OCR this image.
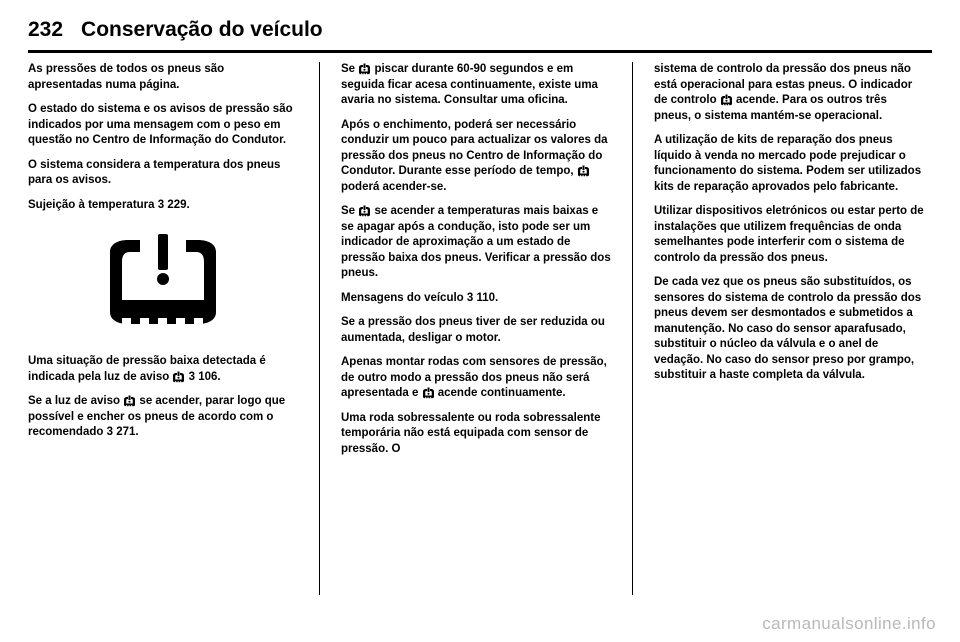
232 Conservação do veículo

As pressões de todos os pneus são apresentadas numa página.

O estado do sistema e os avisos de pressão são indicados por uma mensagem com o peso em questão no Centro de Informação do Condutor.

O sistema considera a temperatura dos pneus para os avisos.

Sujeição à temperatura 3 229.

Uma situação de pressão baixa detectada é indicada pela luz de aviso  3 106.

Se a luz de aviso  se acender, parar logo que possível e encher os pneus de acordo com o recomendado 3 271.

Se  piscar durante 60-90 segundos e em seguida ficar acesa continuamente, existe uma avaria no sistema. Consultar uma oficina.

Após o enchimento, poderá ser necessário conduzir um pouco para actualizar os valores da pressão dos pneus no Centro de Informação do Condutor. Durante esse período de tempo,  poderá acender-se.

Se  se acender a temperaturas mais baixas e se apagar após a condução, isto pode ser um indicador de aproximação a um estado de pressão baixa dos pneus. Verificar a pressão dos pneus.

Mensagens do veículo 3 110.

Se a pressão dos pneus tiver de ser reduzida ou aumentada, desligar o motor.

Apenas montar rodas com sensores de pressão, de outro modo a pressão dos pneus não será apresentada e  acende continuamente.

Uma roda sobressalente ou roda sobressalente temporária não está equipada com sensor de pressão. O

sistema de controlo da pressão dos pneus não está operacional para estas pneus. O indicador de controlo  acende. Para os outros três pneus, o sistema mantém-se operacional.

A utilização de kits de reparação dos pneus líquido à venda no mercado pode prejudicar o funcionamento do sistema. Podem ser utilizados kits de reparação aprovados pelo fabricante.

Utilizar dispositivos eletrónicos ou estar perto de instalações que utilizem frequências de onda semelhantes pode interferir com o sistema de controlo da pressão dos pneus.

De cada vez que os pneus são substituídos, os sensores do sistema de controlo da pressão dos pneus devem ser desmontados e submetidos a manutenção. No caso do sensor aparafusado, substituir o núcleo da válvula e o anel de vedação. No caso do sensor preso por grampo, substituir a haste completa da válvula.

carmanualsonline.info
